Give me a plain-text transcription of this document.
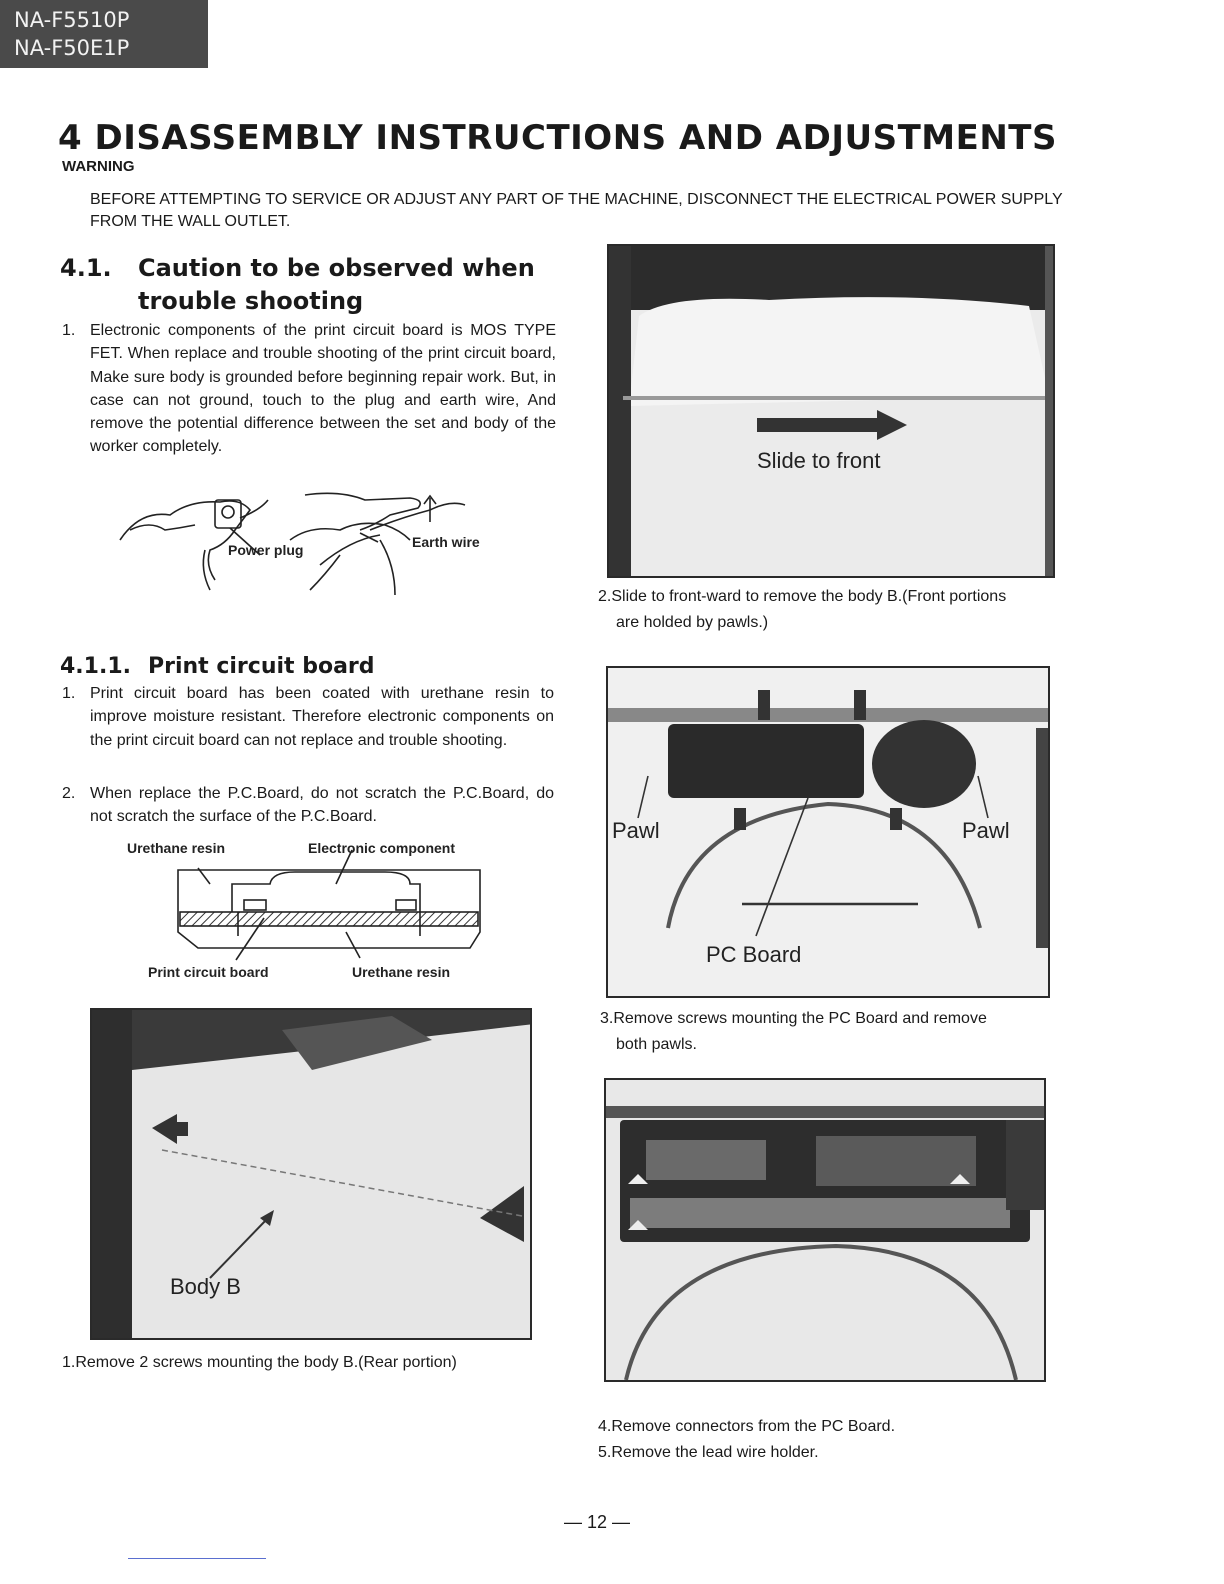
NA-F5510P
NA-F50E1P
4 DISASSEMBLY INSTRUCTIONS AND ADJUSTMENTS
WARNING
BEFORE ATTEMPTING TO SERVICE OR ADJUST ANY PART OF THE MACHINE, DISCONNECT THE ELECTRICAL POWER SUPPLY FROM THE WALL OUTLET.
4.1. Caution to be observed when
trouble shooting
1. Electronic components of the print circuit board is MOS TYPE FET. When replace and trouble shooting of the print circuit board, Make sure body is grounded before beginning repair work. But, in case can not ground, touch to the plug and earth wire, And remove the potential difference between the set and body of the worker completely.
Power plug	Earth wire
4.1.1. Print circuit board
1. Print circuit board has been coated with urethane resin to improve moisture resistant. Therefore electronic components on the print circuit board can not replace and trouble shooting.
2. When replace the P.C.Board, do not scratch the P.C.Board, do not scratch the surface of the P.C.Board.
Urethane resin	Electronic component
Print circuit board	Urethane resin
Body B
1.Remove 2 screws mounting the body B.(Rear portion)
Slide to front
2.Slide to front-ward to remove the body B.(Front portions
are holded by pawls.)
Pawl	Pawl
PC Board
3.Remove screws mounting the PC Board and remove
both pawls.
4.Remove connectors from the PC Board.
5.Remove the lead wire holder.
— 12 —
